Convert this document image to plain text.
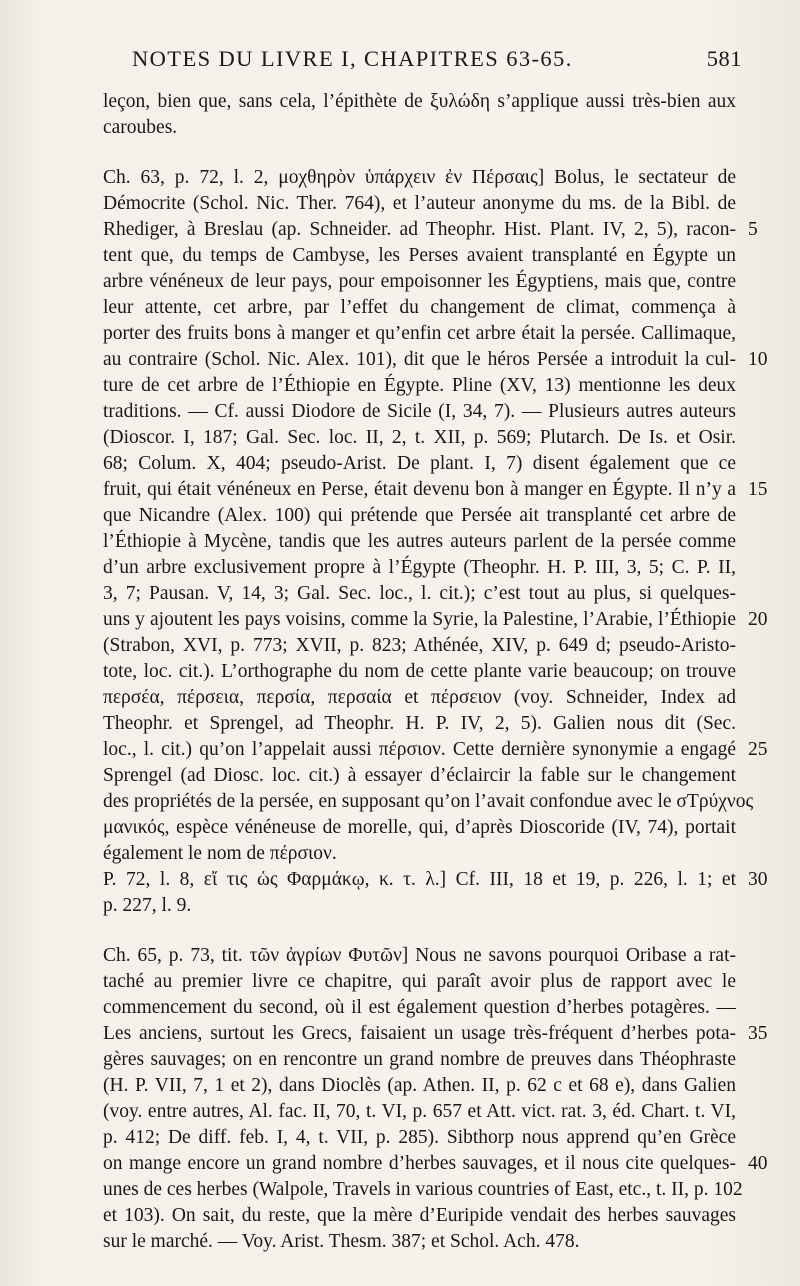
NOTES DU LIVRE I, CHAPITRES 63-65.	581
leçon, bien que, sans cela, l’épithète de ξυλώδη s’applique aussi très-bien aux
caroubes.
Ch. 63, p. 72, l. 2, μοχθηρὸν ὑπάρχειν ἐν Πέρσαις] Bolus, le sectateur de
Démocrite (Schol. Nic. Ther. 764), et l’auteur anonyme du ms. de la Bibl. de
Rhediger, à Breslau (ap. Schneider. ad Theophr. Hist. Plant. IV, 2, 5), racon-
tent que, du temps de Cambyse, les Perses avaient transplanté en Égypte un
arbre vénéneux de leur pays, pour empoisonner les Égyptiens, mais que, contre
leur attente, cet arbre, par l’effet du changement de climat, commença à
porter des fruits bons à manger et qu’enfin cet arbre était la persée. Callimaque,
au contraire (Schol. Nic. Alex. 101), dit que le héros Persée a introduit la cul-
ture de cet arbre de l’Éthiopie en Égypte. Pline (XV, 13) mentionne les deux
traditions. — Cf. aussi Diodore de Sicile (I, 34, 7). — Plusieurs autres auteurs
(Dioscor. I, 187; Gal. Sec. loc. II, 2, t. XII, p. 569; Plutarch. De Is. et Osir.
68; Colum. X, 404; pseudo-Arist. De plant. I, 7) disent également que ce
fruit, qui était vénéneux en Perse, était devenu bon à manger en Égypte. Il n’y a
que Nicandre (Alex. 100) qui prétende que Persée ait transplanté cet arbre de
l’Éthiopie à Mycène, tandis que les autres auteurs parlent de la persée comme
d’un arbre exclusivement propre à l’Égypte (Theophr. H. P. III, 3, 5; C. P. II,
3, 7; Pausan. V, 14, 3; Gal. Sec. loc., l. cit.); c’est tout au plus, si quelques-
uns y ajoutent les pays voisins, comme la Syrie, la Palestine, l’Arabie, l’Éthiopie
(Strabon, XVI, p. 773; XVII, p. 823; Athénée, XIV, p. 649 d; pseudo-Aristo-
tote, loc. cit.). L’orthographe du nom de cette plante varie beaucoup; on trouve
περσέα, πέρσεια, περσία, περσαία et πέρσειον (voy. Schneider, Index ad
Theophr. et Sprengel, ad Theophr. H. P. IV, 2, 5). Galien nous dit (Sec.
loc., l. cit.) qu’on l’appelait aussi πέρσιον. Cette dernière synonymie a engagé
Sprengel (ad Diosc. loc. cit.) à essayer d’éclaircir la fable sur le changement
des propriétés de la persée, en supposant qu’on l’avait confondue avec le σΤρύχνος
μανικός, espèce vénéneuse de morelle, qui, d’après Dioscoride (IV, 74), portait
également le nom de πέρσιον.
P. 72, l. 8, εἴ τις ὡς Φαρμάκῳ, κ. τ. λ.] Cf. III, 18 et 19, p. 226, l. 1; et
p. 227, l. 9.
Ch. 65, p. 73, tit. τῶν ἀγρίων Φυτῶν] Nous ne savons pourquoi Oribase a rat-
taché au premier livre ce chapitre, qui paraît avoir plus de rapport avec le
commencement du second, où il est également question d’herbes potagères. —
Les anciens, surtout les Grecs, faisaient un usage très-fréquent d’herbes pota-
gères sauvages; on en rencontre un grand nombre de preuves dans Théophraste
(H. P. VII, 7, 1 et 2), dans Dioclès (ap. Athen. II, p. 62 c et 68 e), dans Galien
(voy. entre autres, Al. fac. II, 70, t. VI, p. 657 et Att. vict. rat. 3, éd. Chart. t. VI,
p. 412; De diff. feb. I, 4, t. VII, p. 285). Sibthorp nous apprend qu’en Grèce
on mange encore un grand nombre d’herbes sauvages, et il nous cite quelques-
unes de ces herbes (Walpole, Travels in various countries of East, etc., t. II, p. 102
et 103). On sait, du reste, que la mère d’Euripide vendait des herbes sauvages
sur le marché. — Voy. Arist. Thesm. 387; et Schol. Ach. 478.
5
10
15
20
25
30
35
40
